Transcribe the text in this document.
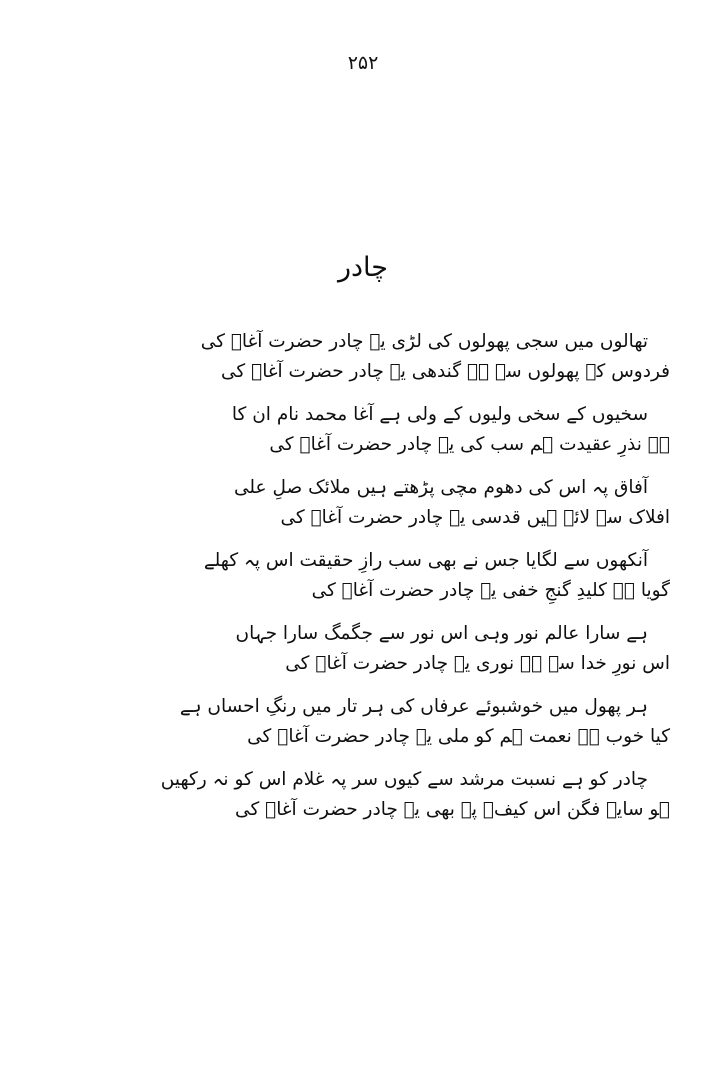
۲۵۲
چادر
تھالوں میں سجی پھولوں کی لڑی یہ چادر حضرت آغاؒ کی
فردوس کے پھولوں سے ہے گندھی یہ چادر حضرت آغاؒ کی
سخیوں کے سخی ولیوں کے ولی ہے آغا محمد نام ان کا
ہے نذرِ عقیدت ہم سب کی یہ چادر حضرت آغاؒ کی
آفاق پہ اس کی دھوم مچی پڑھتے ہیں ملائک صلِ علی
افلاک سے لائے ہیں قدسی یہ چادر حضرت آغاؒ کی
آنکھوں سے لگایا جس نے بھی سب رازِ حقیقت اس پہ کھلے
گویا ہے کلیدِ گنجِ خفی یہ چادر حضرت آغاؒ کی
ہے سارا عالم نور وہی اس نور سے جگمگ سارا جہاں
اس نورِ خدا سے ہے نوری یہ چادر حضرت آغاؒ کی
ہر پھول میں خوشبوئے عرفاں کی ہر تار میں رنگِ احساں ہے
کیا خوب ہے نعمت ہم کو ملی یہ چادر حضرت آغاؒ کی
چادر کو ہے نسبت مرشد سے کیوں سر پہ غلام اس کو نہ رکھیں
ہو سایہ فگن اس کیفؔ پہ بھی یہ چادر حضرت آغاؒ کی
